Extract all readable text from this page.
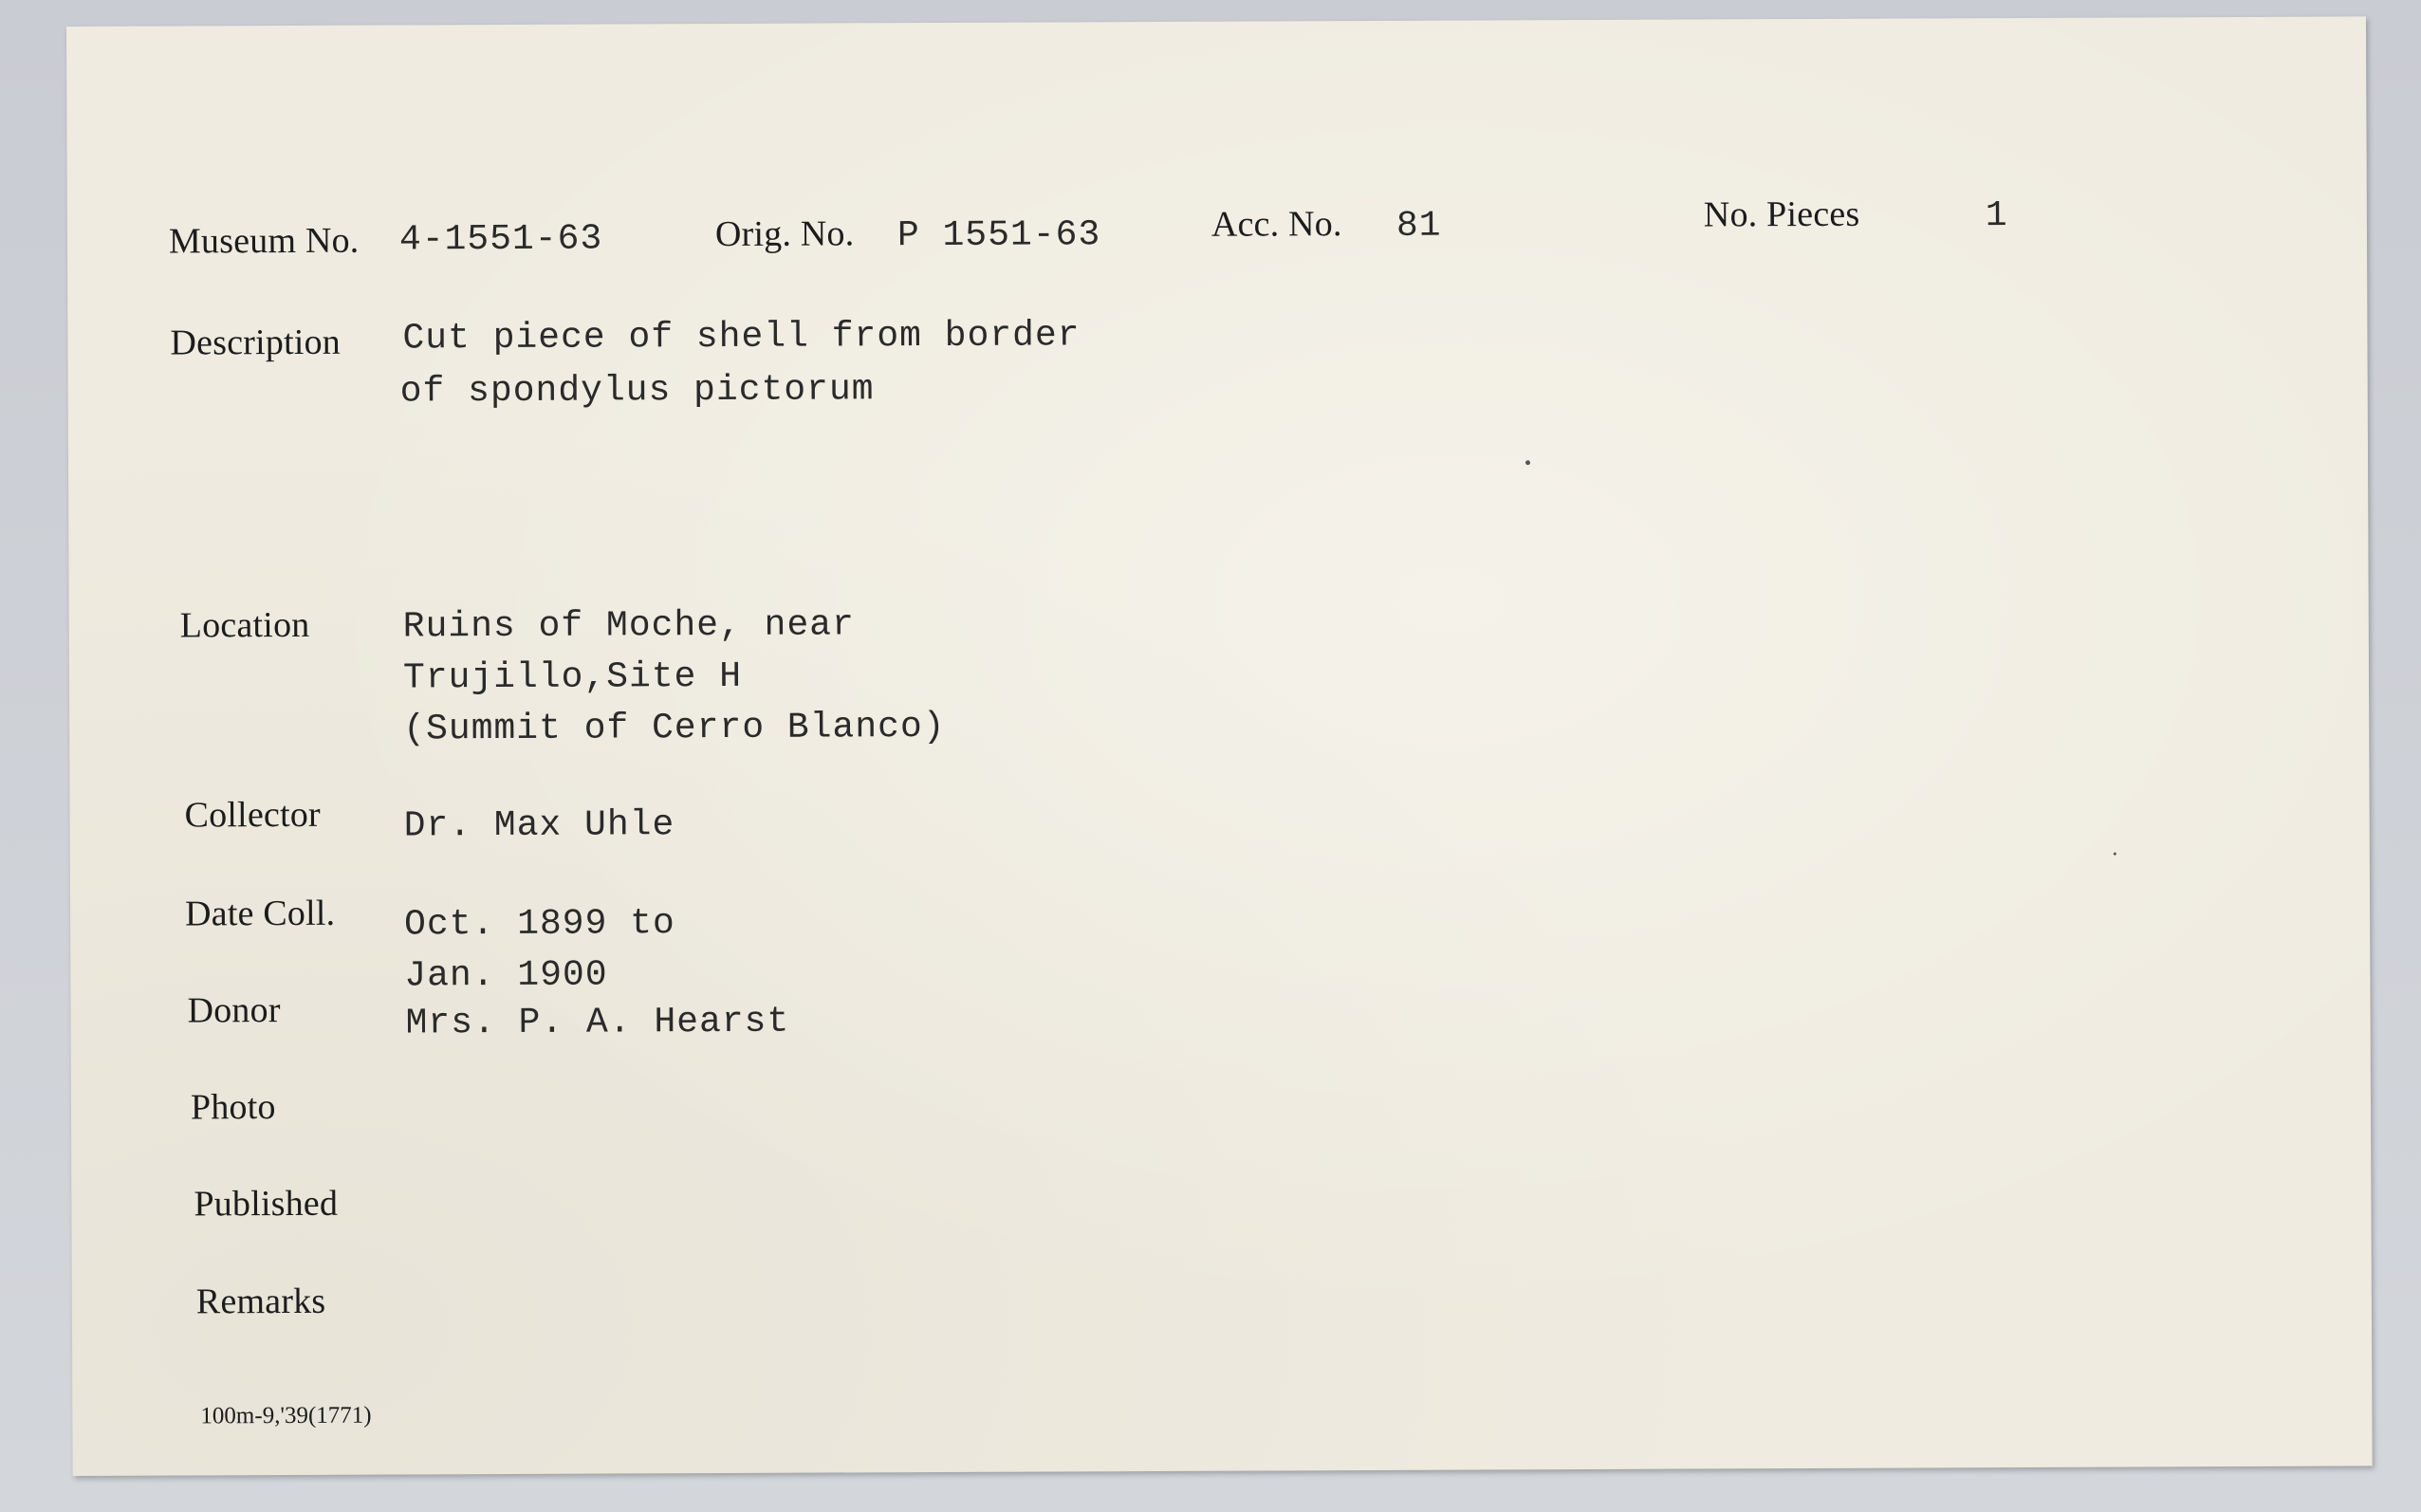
Museum No. 4-1551-63	Orig. No. P 1551-63	Acc. No. 81	No. Pieces	1
Description Cut piece of shell from border
of spondylus pictorum
Location	Ruins of Moche, near
Trujillo,Site H
(Summit of Cerro Blanco)
Collector Dr. Max Uhle
Date Coll. Oct. 1899 to
Jan. 1900
Donor	Mrs. P. A. Hearst
Photo
Published
Remarks
100m-9,'39(1771)
